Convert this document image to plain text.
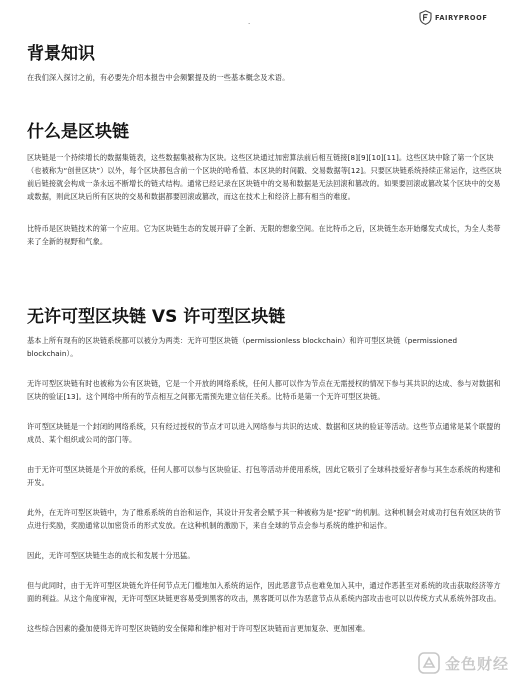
.
FAIRYPROOF
背景知识

在我们深入探讨之前，有必要先介绍本报告中会频繁提及的一些基本概念及术语。

什么是区块链

区块链是一个持续增长的数据集链表，这些数据集被称为区块。这些区块通过加密算法前后相互链接[8][9][10][11]。这些区块中除了第一个区块（也被称为“创世区块”）以外，每个区块都包含前一个区块的哈希值、本区块的时间戳、交易数据等[12]。只要区块链系统持续正常运作，这些区块前后链接就会构成一条永远不断增长的链式结构。通常已经记录在区块链中的交易和数据是无法回滚和篡改的。如果要回滚或篡改某个区块中的交易或数据，则此区块后所有区块的交易和数据都要回滚或篡改，而这在技术上和经济上都有相当的难度。

比特币是区块链技术的第一个应用。它为区块链生态的发展开辟了全新、无限的想象空间。在比特币之后，区块链生态开始爆发式成长，为全人类带来了全新的视野和气象。

无许可型区块链 VS 许可型区块链

基本上所有现有的区块链系统都可以被分为两类：无许可型区块链（permissionless blockchain）和许可型区块链（permissioned blockchain）。

无许可型区块链有时也被称为公有区块链，它是一个开放的网络系统，任何人都可以作为节点在无需授权的情况下参与其共识的达成、参与对数据和区块的验证[13]。这个网络中所有的节点相互之间都无需预先建立信任关系。比特币是第一个无许可型区块链。

许可型区块链是一个封闭的网络系统，只有经过授权的节点才可以进入网络参与共识的达成、数据和区块的验证等活动。这些节点通常是某个联盟的成员、某个组织或公司的部门等。

由于无许可型区块链是个开放的系统，任何人都可以参与区块验证、打包等活动并使用系统，因此它吸引了全球科技爱好者参与其生态系统的构建和开发。

此外，在无许可型区块链中，为了维系系统的自治和运作，其设计开发者会赋予其一种被称为是“挖矿”的机制。这种机制会对成功打包有效区块的节点进行奖励，奖励通常以加密货币的形式发放。在这种机制的激励下，来自全球的节点会参与系统的维护和运作。

因此，无许可型区块链生态的成长和发展十分迅猛。

但与此同时，由于无许可型区块链允许任何节点无门槛地加入系统的运作，因此恶意节点也难免加入其中，通过作恶甚至对系统的攻击获取经济等方面的利益。从这个角度审视，无许可型区块链更容易受到黑客的攻击，黑客既可以作为恶意节点从系统内部攻击也可以以传统方式从系统外部攻击。

这些综合因素的叠加使得无许可型区块链的安全保障和维护相对于许可型区块链而言更加复杂、更加困难。

金色财经
